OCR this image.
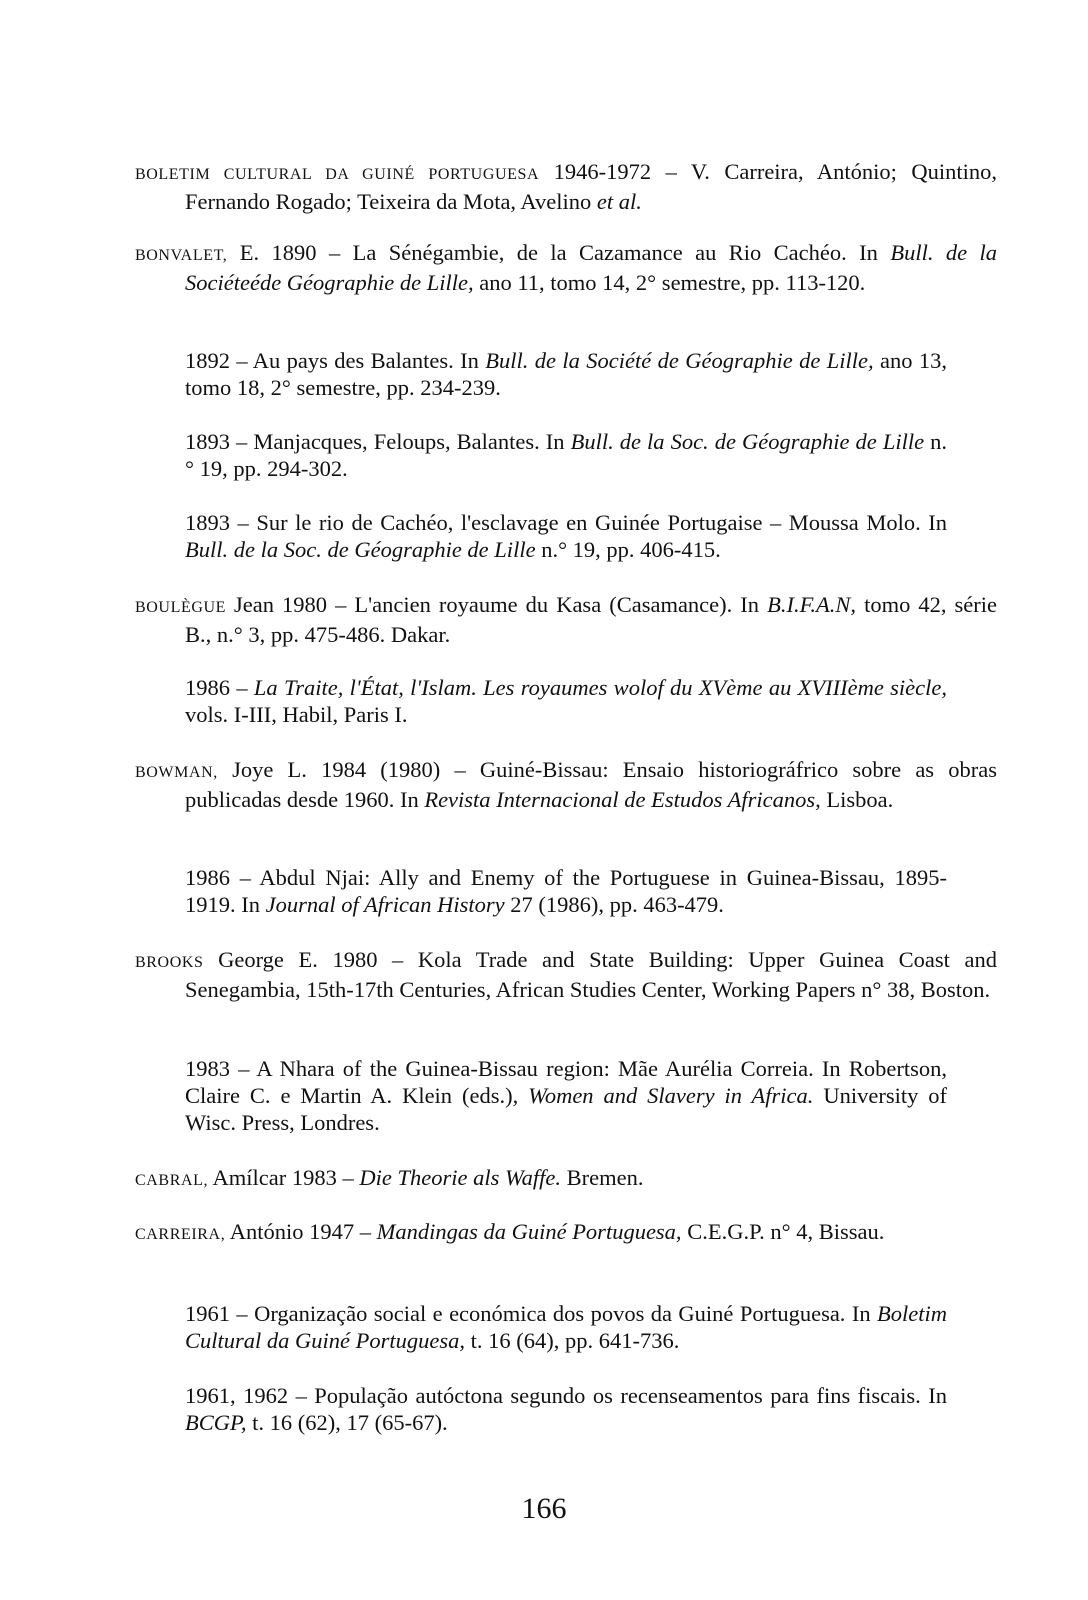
BOLETIM CULTURAL DA GUINÉ PORTUGUESA 1946-1972 – V. Carreira, António; Quintino, Fernando Rogado; Teixeira da Mota, Avelino et al.
BONVALET, E. 1890 – La Sénégambie, de la Cazamance au Rio Cachéo. In Bull. de la Sociéteéde Géographie de Lille, ano 11, tomo 14, 2° semestre, pp. 113-120.
1892 – Au pays des Balantes. In Bull. de la Société de Géographie de Lille, ano 13, tomo 18, 2° semestre, pp. 234-239.
1893 – Manjacques, Feloups, Balantes. In Bull. de la Soc. de Géographie de Lille n.° 19, pp. 294-302.
1893 – Sur le rio de Cachéo, l'esclavage en Guinée Portugaise – Moussa Molo. In Bull. de la Soc. de Géographie de Lille n.° 19, pp. 406-415.
BOULÈGUE Jean 1980 – L'ancien royaume du Kasa (Casamance). In B.I.F.A.N, tomo 42, série B., n.° 3, pp. 475-486. Dakar.
1986 – La Traite, l'État, l'Islam. Les royaumes wolof du XVème au XVIIIème siècle, vols. I-III, Habil, Paris I.
BOWMAN, Joye L. 1984 (1980) – Guiné-Bissau: Ensaio historiográfrico sobre as obras publicadas desde 1960. In Revista Internacional de Estudos Africanos, Lisboa.
1986 – Abdul Njai: Ally and Enemy of the Portuguese in Guinea-Bissau, 1895-1919. In Journal of African History 27 (1986), pp. 463-479.
BROOKS George E. 1980 – Kola Trade and State Building: Upper Guinea Coast and Senegambia, 15th-17th Centuries, African Studies Center, Working Papers n° 38, Boston.
1983 – A Nhara of the Guinea-Bissau region: Mãe Aurélia Correia. In Robertson, Claire C. e Martin A. Klein (eds.), Women and Slavery in Africa. University of Wisc. Press, Londres.
CABRAL, Amílcar 1983 – Die Theorie als Waffe. Bremen.
CARREIRA, António 1947 – Mandingas da Guiné Portuguesa, C.E.G.P. n° 4, Bissau.
1961 – Organização social e económica dos povos da Guiné Portuguesa. In Boletim Cultural da Guiné Portuguesa, t. 16 (64), pp. 641-736.
1961, 1962 – População autóctona segundo os recenseamentos para fins fiscais. In BCGP, t. 16 (62), 17 (65-67).
166
